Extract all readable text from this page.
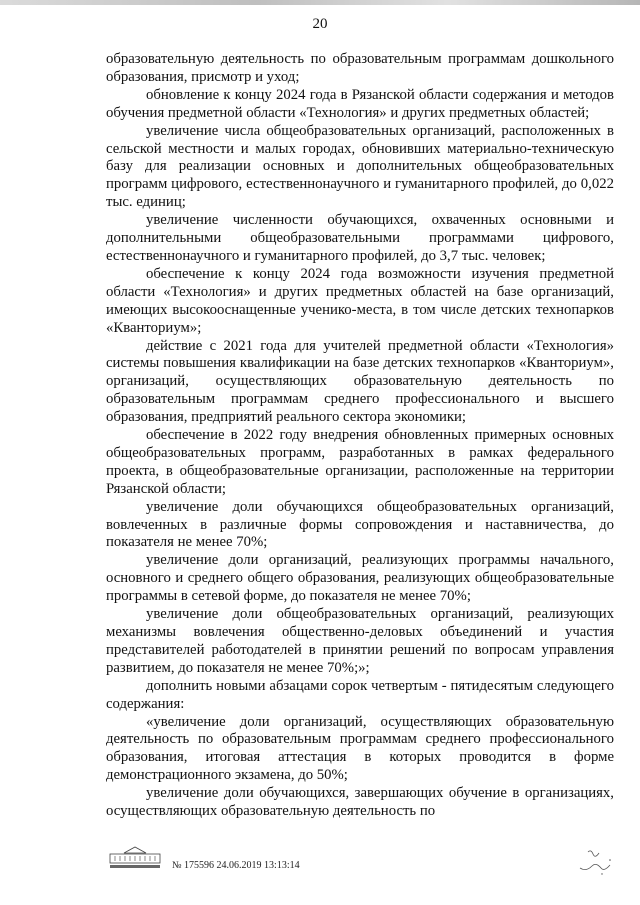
20

образовательную деятельность по образовательным программам дошкольного образования, присмотр и уход;

обновление к концу 2024 года в Рязанской области содержания и методов обучения предметной области «Технология» и других предметных областей;

увеличение числа общеобразовательных организаций, расположенных в сельской местности и малых городах, обновивших материально-техническую базу для реализации основных и дополнительных общеобразовательных программ цифрового, естественнонаучного и гуманитарного профилей, до 0,022 тыс. единиц;

увеличение численности обучающихся, охваченных основными и дополнительными общеобразовательными программами цифрового, естественнонаучного и гуманитарного профилей, до 3,7 тыс. человек;

обеспечение к концу 2024 года возможности изучения предметной области «Технология» и других предметных областей на базе организаций, имеющих высокооснащенные ученико-места, в том числе детских технопарков «Кванториум»;

действие с 2021 года для учителей предметной области «Технология» системы повышения квалификации на базе детских технопарков «Кванториум», организаций, осуществляющих образовательную деятельность по образовательным программам среднего профессионального и высшего образования, предприятий реального сектора экономики;

обеспечение в 2022 году внедрения обновленных примерных основных общеобразовательных программ, разработанных в рамках федерального проекта, в общеобразовательные организации, расположенные на территории Рязанской области;

увеличение доли обучающихся общеобразовательных организаций, вовлеченных в различные формы сопровождения и наставничества, до показателя не менее 70%;

увеличение доли организаций, реализующих программы начального, основного и среднего общего образования, реализующих общеобразовательные программы в сетевой форме, до показателя не менее 70%;

увеличение доли общеобразовательных организаций, реализующих механизмы вовлечения общественно-деловых объединений и участия представителей работодателей в принятии решений по вопросам управления развитием, до показателя не менее 70%;»;

дополнить новыми абзацами сорок четвертым - пятидесятым следующего содержания:

«увеличение доли организаций, осуществляющих образовательную деятельность по образовательным программам среднего профессионального образования, итоговая аттестация в которых проводится в форме демонстрационного экзамена, до 50%;

увеличение доли обучающихся, завершающих обучение в организациях, осуществляющих образовательную деятельность по

№ 175596 24.06.2019 13:13:14
